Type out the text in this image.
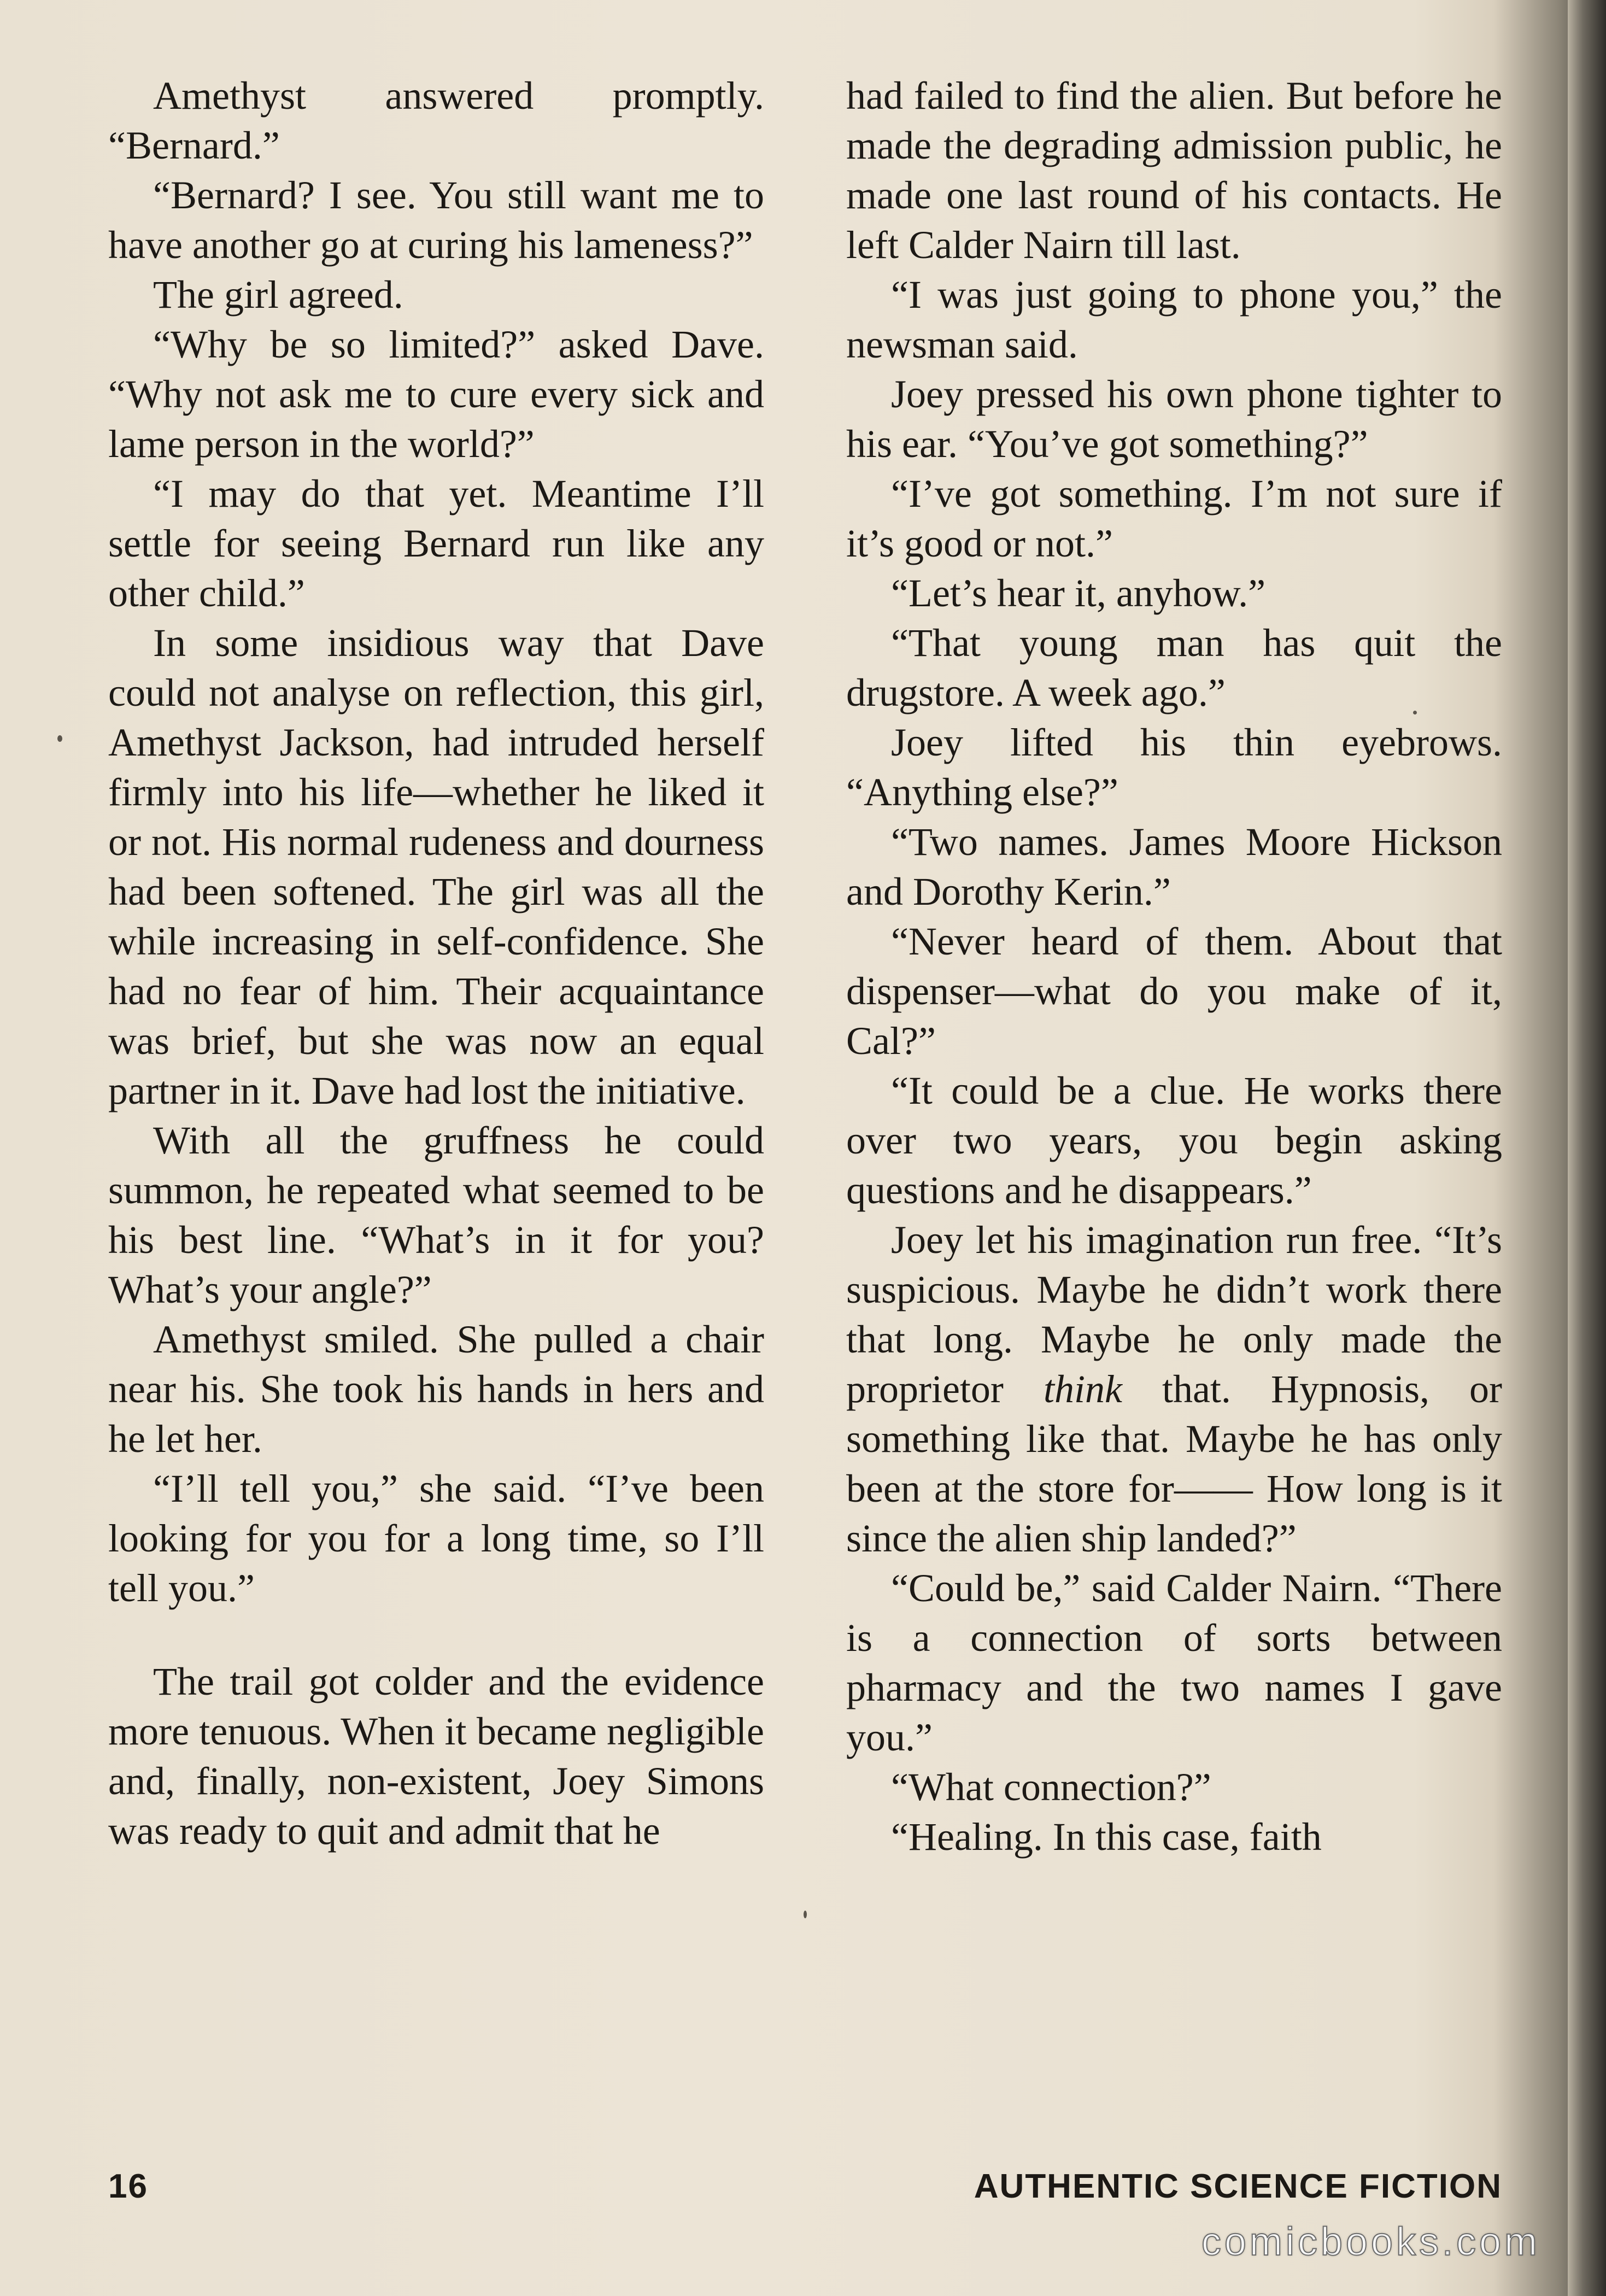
Amethyst answered promptly. “Bernard.”

“Bernard? I see. You still want me to have another go at curing his lameness?”

The girl agreed.

“Why be so limited?” asked Dave. “Why not ask me to cure every sick and lame person in the world?”

“I may do that yet. Meantime I’ll settle for seeing Bernard run like any other child.”

In some insidious way that Dave could not analyse on reflection, this girl, Amethyst Jackson, had intruded herself firmly into his life—whether he liked it or not. His normal rudeness and dourness had been softened. The girl was all the while increasing in self-confidence. She had no fear of him. Their acquaintance was brief, but she was now an equal partner in it. Dave had lost the initiative.

With all the gruffness he could summon, he repeated what seemed to be his best line. “What’s in it for you? What’s your angle?”

Amethyst smiled. She pulled a chair near his. She took his hands in hers and he let her.

“I’ll tell you,” she said. “I’ve been looking for you for a long time, so I’ll tell you.”

The trail got colder and the evidence more tenuous. When it became negligible and, finally, non-existent, Joey Simons was ready to quit and admit that he

had failed to find the alien. But before he made the degrading admission public, he made one last round of his contacts. He left Calder Nairn till last.

“I was just going to phone you,” the newsman said.

Joey pressed his own phone tighter to his ear. “You’ve got something?”

“I’ve got something. I’m not sure if it’s good or not.”

“Let’s hear it, anyhow.”

“That young man has quit the drugstore. A week ago.”

Joey lifted his thin eyebrows. “Anything else?”

“Two names. James Moore Hickson and Dorothy Kerin.”

“Never heard of them. About that dispenser—what do you make of it, Cal?”

“It could be a clue. He works there over two years, you begin asking questions and he disappears.”

Joey let his imagination run free. “It’s suspicious. Maybe he didn’t work there that long. Maybe he only made the proprietor think that. Hypnosis, or something like that. Maybe he has only been at the store for—— How long is it since the alien ship landed?”

“Could be,” said Calder Nairn. “There is a connection of sorts between pharmacy and the two names I gave you.”

“What connection?”

“Healing. In this case, faith

16	AUTHENTIC SCIENCE FICTION
comicbooks.com
